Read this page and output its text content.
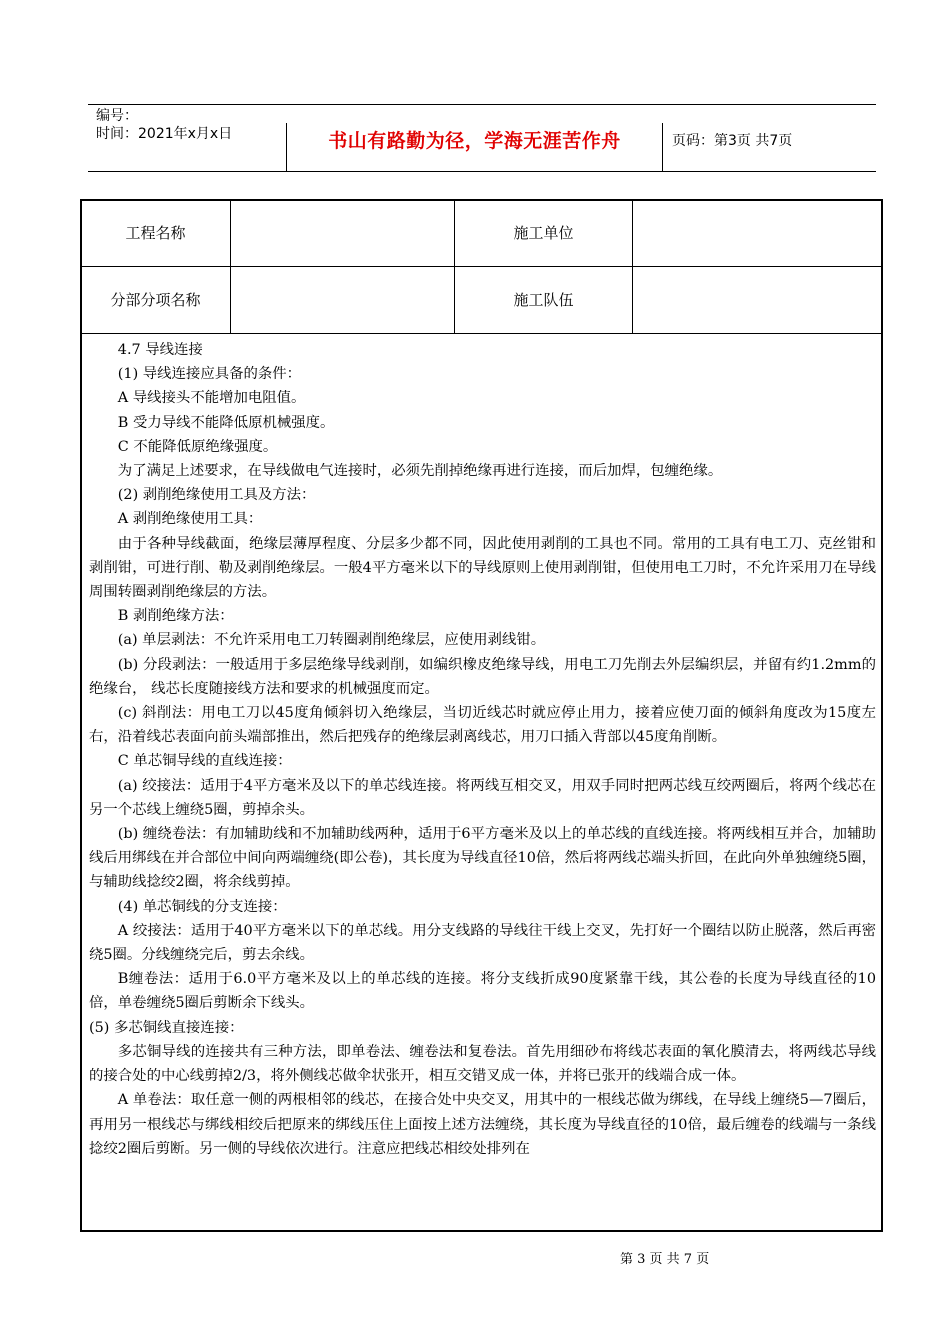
编号：
时间：2021年x月x日	书山有路勤为径，学海无涯苦作舟	页码：第3页 共7页
工程名称	施工单位
分部分项名称	施工队伍

4.7 导线连接

(1) 导线连接应具备的条件：

A 导线接头不能增加电阻值。

B 受力导线不能降低原机械强度。

C 不能降低原绝缘强度。

为了满足上述要求，在导线做电气连接时，必须先削掉绝缘再进行连接，而后加焊，包缠绝缘。

(2) 剥削绝缘使用工具及方法：

A 剥削绝缘使用工具：

由于各种导线截面，绝缘层薄厚程度、分层多少都不同，因此使用剥削的工具也不同。常用的工具有电工刀、克丝钳和剥削钳，可进行削、勒及剥削绝缘层。一般4平方毫米以下的导线原则上使用剥削钳，但使用电工刀时，不允许采用刀在导线周围转圈剥削绝缘层的方法。

B 剥削绝缘方法：

(a) 单层剥法：不允许采用电工刀转圈剥削绝缘层，应使用剥线钳。

(b) 分段剥法：一般适用于多层绝缘导线剥削，如编织橡皮绝缘导线，用电工刀先削去外层编织层，并留有约1.2mm的绝缘台， 线芯长度随接线方法和要求的机械强度而定。

(c) 斜削法：用电工刀以45度角倾斜切入绝缘层，当切近线芯时就应停止用力，接着应使刀面的倾斜角度改为15度左右，沿着线芯表面向前头端部推出，然后把残存的绝缘层剥离线芯，用刀口插入背部以45度角削断。

C 单芯铜导线的直线连接：

(a) 绞接法：适用于4平方毫米及以下的单芯线连接。将两线互相交叉，用双手同时把两芯线互绞两圈后，将两个线芯在另一个芯线上缠绕5圈，剪掉余头。

(b) 缠绕卷法：有加辅助线和不加辅助线两种，适用于6平方毫米及以上的单芯线的直线连接。将两线相互并合，加辅助线后用绑线在并合部位中间向两端缠绕(即公卷)，其长度为导线直径10倍，然后将两线芯端头折回，在此向外单独缠绕5圈，与辅助线捻绞2圈，将余线剪掉。

(4) 单芯铜线的分支连接：

A 绞接法：适用于40平方毫米以下的单芯线。用分支线路的导线往干线上交叉，先打好一个圈结以防止脱落，然后再密绕5圈。分线缠绕完后，剪去余线。

B缠卷法：适用于6.0平方毫米及以上的单芯线的连接。将分支线折成90度紧靠干线，其公卷的长度为导线直径的10倍，单卷缠绕5圈后剪断余下线头。

(5) 多芯铜线直接连接：

多芯铜导线的连接共有三种方法，即单卷法、缠卷法和复卷法。首先用细砂布将线芯表面的氧化膜清去，将两线芯导线的接合处的中心线剪掉2/3，将外侧线芯做伞状张开，相互交错叉成一体，并将已张开的线端合成一体。

A 单卷法：取任意一侧的两根相邻的线芯，在接合处中央交叉，用其中的一根线芯做为绑线，在导线上缠绕5—7圈后，再用另一根线芯与绑线相绞后把原来的绑线压住上面按上述方法缠绕，其长度为导线直径的10倍，最后缠卷的线端与一条线捻绞2圈后剪断。另一侧的导线依次进行。注意应把线芯相绞处排列在

第 3 页 共 7 页
